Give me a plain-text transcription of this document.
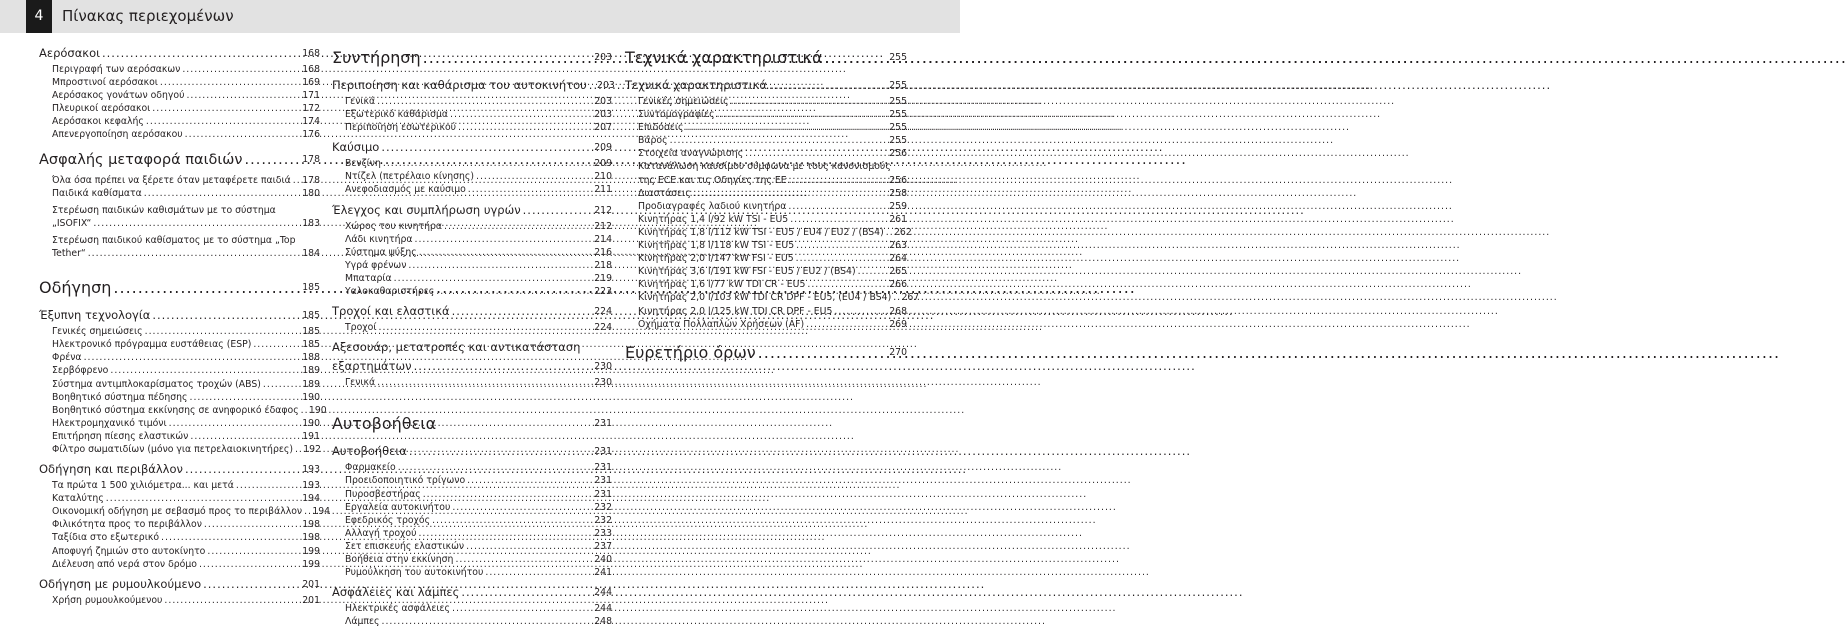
4	Πίνακας περιεχομένων
Αερόσακοι .....	168
Περιγραφή των αερόσακων .....	168
Μπροστινοί αερόσακοι .....	169
Αερόσακος γονάτων οδηγού .....	171
Πλευρικοί αερόσακοι .....	172
Αερόσακοι κεφαλής .....	174
Απενεργοποίηση αερόσακου .....	176
Ασφαλής μεταφορά παιδιών .....	178
Όλα όσα πρέπει να ξέρετε όταν μεταφέρετε παιδιά ..... 178
Παιδικά καθίσματα .....	180
Στερέωση παιδικών καθισμάτων με το σύστημα
„ISOFIX“ .....	183
Στερέωση παιδικού καθίσματος με το σύστημα „Top
Tether“ .....	184
Οδήγηση .....	185
Έξυπνη τεχνολογία .....	185
Γενικές σημειώσεις .....	185
Ηλεκτρονικό πρόγραμμα ευστάθειας (ESP) .....	185
Φρένα .....	188
Σερβόφρενο .....	189
Σύστημα αντιμπλοκαρίσματος τροχών (ABS) .....	189
Βοηθητικό σύστημα πέδησης .....	190
Βοηθητικό σύστημα εκκίνησης σε ανηφορικό έδαφος ..... 190
Ηλεκτρομηχανικό τιμόνι .....	190
Επιτήρηση πίεσης ελαστικών .....	191
Φίλτρο σωματιδίων (μόνο για πετρελαιοκινητήρες) ..... 192
Οδήγηση και περιβάλλον .....	193
Τα πρώτα 1 500 χιλιόμετρα... και μετά .....	193
Καταλύτης .....	194
Οικονομική οδήγηση με σεβασμό προς το περιβάλλον ..... 194
Φιλικότητα προς το περιβάλλον .....	198
Ταξίδια στο εξωτερικό .....	198
Αποφυγή ζημιών στο αυτοκίνητο .....	199
Διέλευση από νερά στον δρόμο .....	199
Οδήγηση με ρυμουλκούμενο .....	201
Χρήση ρυμουλκούμενου .....	201
Συντήρηση .....	203
Περιποίηση και καθάρισμα του αυτοκινήτου ..... 203
Γενικά .....	203
Εξωτερικό καθάρισμα .....	203
Περιποίηση εσωτερικού .....	207
Καύσιμο .....	209
Βενζίνη .....	209
Ντίζελ (πετρέλαιο κίνησης) .....	210
Ανεφοδιασμός με καύσιμο .....	211
Έλεγχος και συμπλήρωση υγρών .....	212
Χώρος του κινητήρα .....	212
Λάδι κινητήρα .....	214
Σύστημα ψύξης .....	216
Υγρά φρένων .....	218
Μπαταρία .....	219
Υαλοκαθαριστήρες .....	223
Τροχοί και ελαστικά .....	224
Τροχοί .....	224
Αξεσουάρ, μετατροπές και αντικατάσταση
εξαρτημάτων .....	230
Γενικά .....	230
Αυτοβοήθεια	231
Αυτοβοήθεια .....	231
Φαρμακείο .....	231
Προειδοποιητικό τρίγωνο .....	231
Πυροσβεστήρας .....	231
Εργαλεία αυτοκινήτου .....	232
Εφεδρικός τροχός .....	232
Αλλαγή τροχού .....	233
Σετ επισκευής ελαστικών .....	237
Βοήθεια στην εκκίνηση .....	240
Ρυμούλκηση του αυτοκινήτου .....	241
Ασφάλειες και λάμπες .....	244
Ηλεκτρικές ασφάλειες .....	244
Λάμπες .....	248
Τεχνικά χαρακτηριστικά .....	255
Τεχνικά χαρακτηριστικά .....	255
Γενικές σημειώσεις .....	255
Συντομογραφίες .....	255
Επιδόσεις .....	255
Βάρος .....	255
Στοιχεία αναγνώρισης .....	256
Κατανάλωση καυσίμου σύμφωνα με τους κανονισμούς
της ECE και τις Οδηγίες της ΕΕ .....	256
Διαστάσεις .....	258
Προδιαγραφές λαδιού κινητήρα .....	259
Κινητήρας 1,4 l/92 kW TSI - EU5 .....	261
Κινητήρας 1,8 l/112 kW TSI - EU5 / EU4 / EU2 / (BS4) ..... 262
Κινητήρας 1,8 l/118 kW TSI - EU5 .....	263
Κινητήρας 2,0 l/147 kW FSI - EU5 .....	264
Κινητήρας 3,6 l/191 kW FSI - EU5 / EU2 / (BS4) .....	265
Κινητήρας 1,6 l/77 kW TDI CR - EU5 .....	266
Κινητήρας 2,0 l/103 kW TDI CR DPF - EU5, (EU4 / BS4) ..... 267
Κινητήρας 2,0 l/125 kW TDI CR DPF - EU5 .....	268
Οχήματα Πολλαπλών Χρήσεων (AF) .....	269
Ευρετήριο όρων .....	270
